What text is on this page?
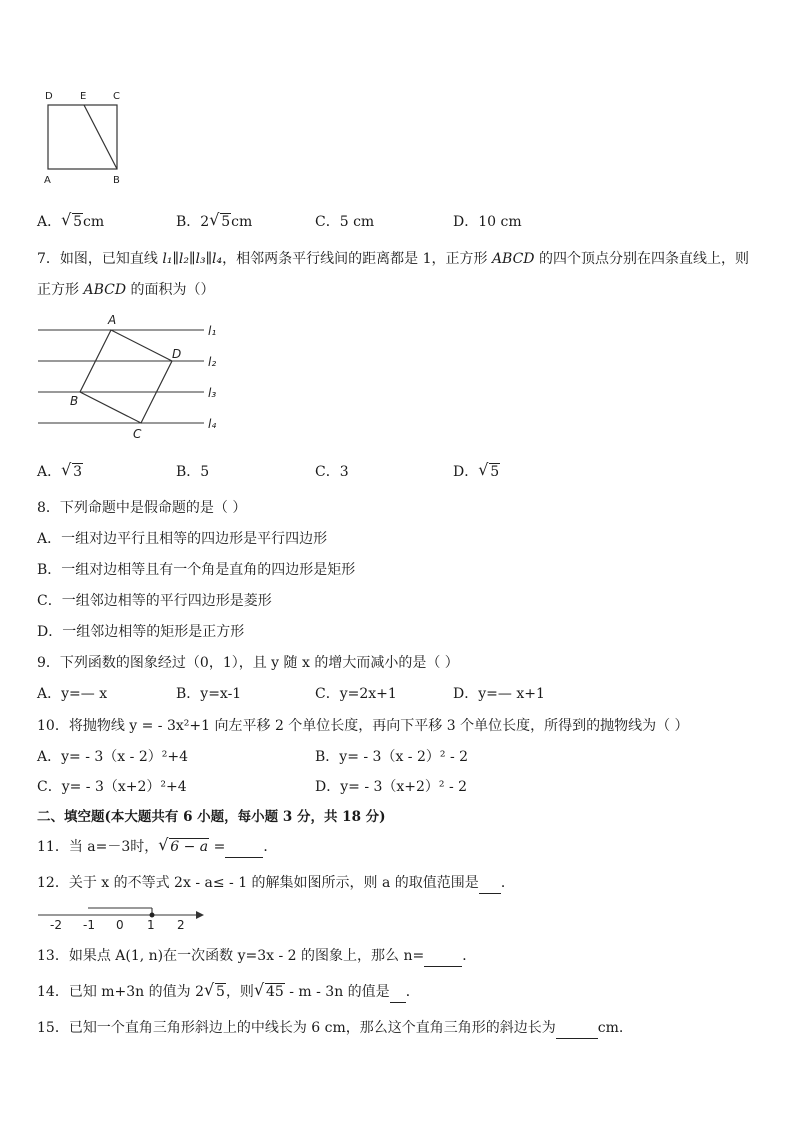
D	E	C
A	B
A． √ 5cm	B．2 √ 5cm	C．5 cm	D．10 cm
7．如图，已知直线 l₁∥l₂∥l₃∥l₄，相邻两条平行线间的距离都是 1，正方形 ABCD 的四个顶点分别在四条直线上，则
正方形 ABCD 的面积为（）
A
D
B
C
l₁
l₂
l₃
l₄
A． √ 3	B．5	C．3	D． √ 5
8．下列命题中是假命题的是（ ）
A．一组对边平行且相等的四边形是平行四边形
B．一组对边相等且有一个角是直角的四边形是矩形
C．一组邻边相等的平行四边形是菱形
D．一组邻边相等的矩形是正方形
9．下列函数的图象经过（0，1），且 y 随 x 的增大而减小的是（ ）
A．y=— x	B．y=x-1	C．y=2x+1	D．y=— x+1
10．将抛物线 y = - 3x²+1 向左平移 2 个单位长度，再向下平移 3 个单位长度，所得到的抛物线为（ ）
A．y= - 3（x - 2）²+4	B．y= - 3（x - 2）² - 2
C．y= - 3（x+2）²+4	D．y= - 3（x+2）² - 2
二、填空题(本大题共有 6 小题，每小题 3 分，共 18 分)
11．当 a=－3时， √ 6 − a =	．
12．关于 x 的不等式 2x - a≤ - 1 的解集如图所示，则 a 的取值范围是 ．
-2 -1 0 1 2
13．如果点 A(1, n)在一次函数 y=3x - 2 的图象上，那么 n=	．
14．已知 m+3n 的值为 2 √ 5，则 √ 45 - m - 3n 的值是 ．
15．已知一个直角三角形斜边上的中线长为 6 cm，那么这个直角三角形的斜边长为	cm.
